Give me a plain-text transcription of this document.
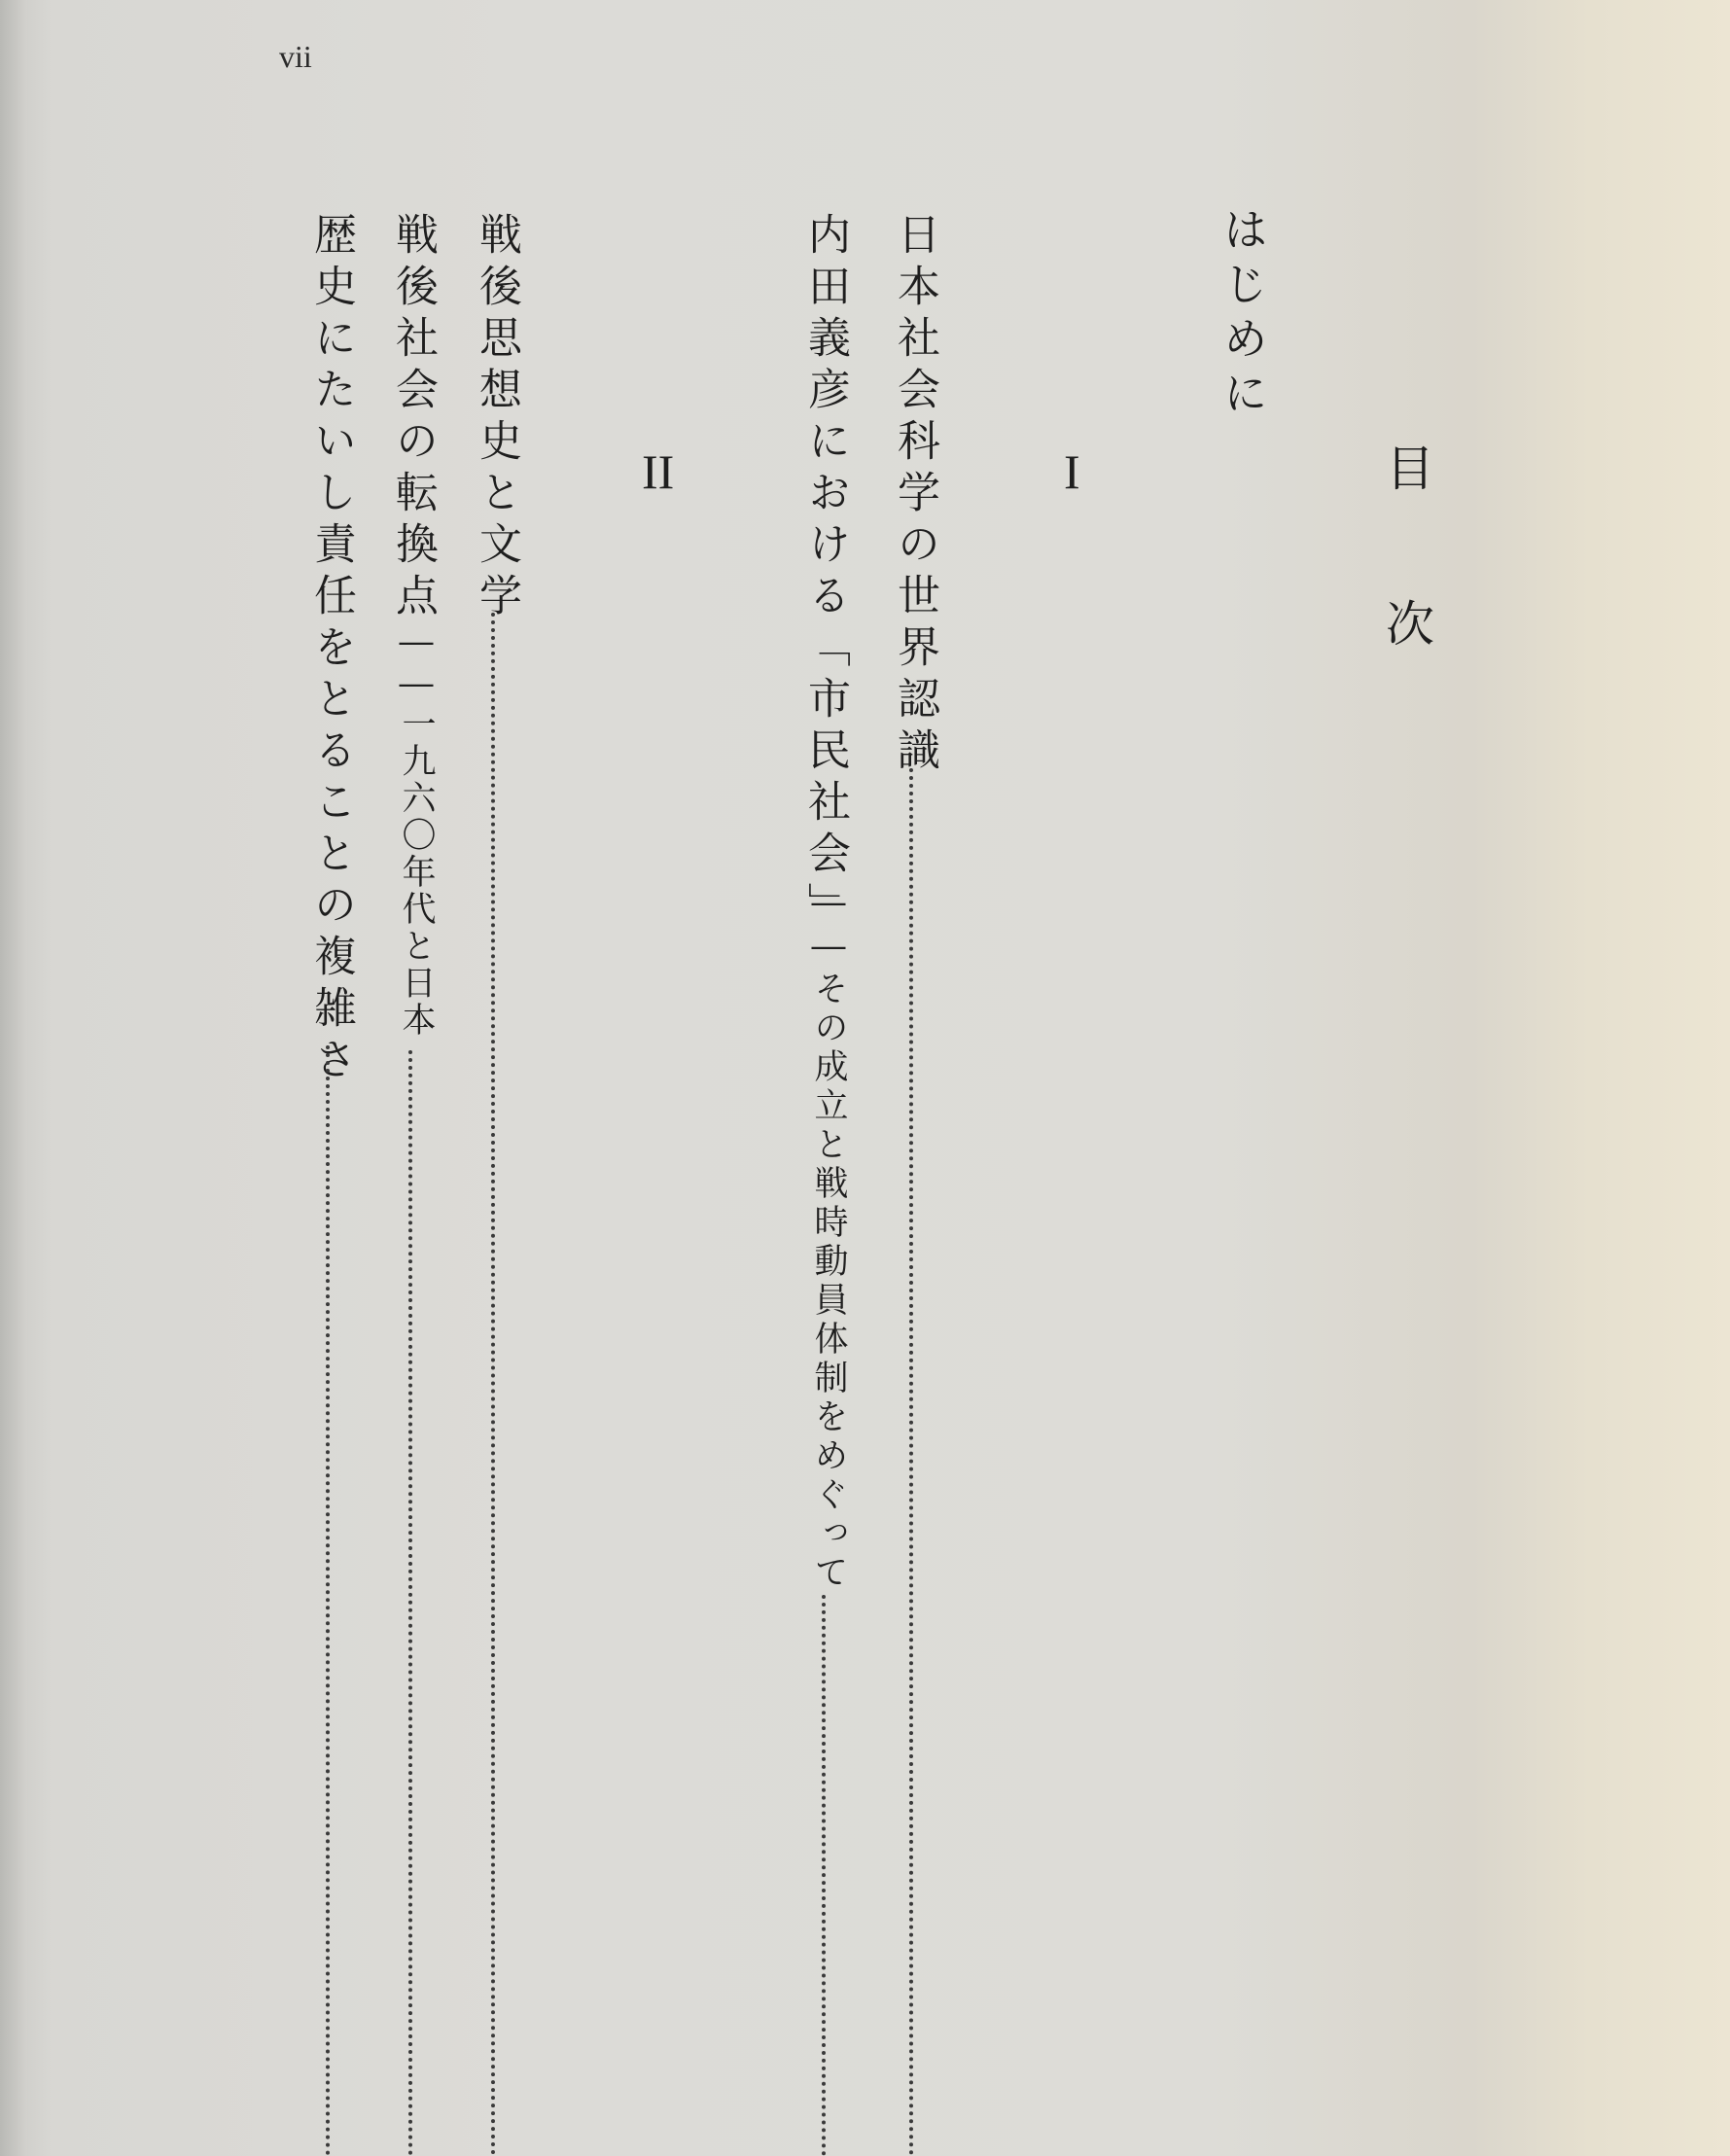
vii
目
次
はじめに
I
日本社会科学の世界認識
内田義彦における「市民社会」
――その成立と戦時動員体制をめぐって
II
戦後思想史と文学
戦後社会の転換点
――一九六〇年代と日本
歴史にたいし責任をとることの複雑さ
